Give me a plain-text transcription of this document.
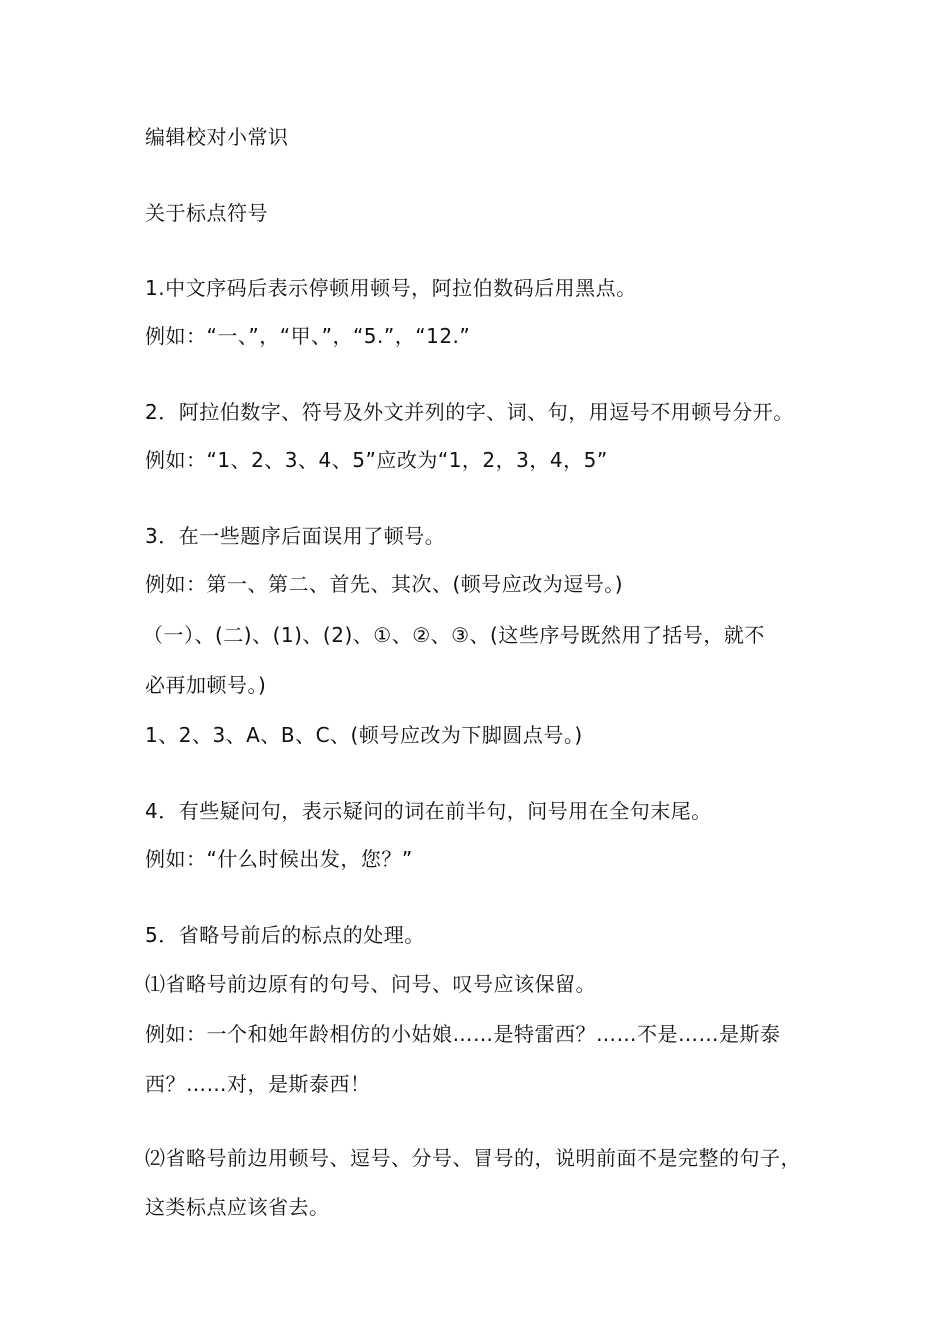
编辑校对小常识
关于标点符号
1.中文序码后表示停顿用顿号，阿拉伯数码后用黑点。
例如：“一、”，“甲、”，“5.”，“12.”
2．阿拉伯数字、符号及外文并列的字、词、句，用逗号不用顿号分开。
例如：“1、2、3、4、5”应改为“1，2，3，4，5”
3．在一些题序后面误用了顿号。
例如：第一、第二、首先、其次、(顿号应改为逗号。)
（一）、(二)、(1)、(2)、①、②、③、(这些序号既然用了括号，就不
必再加顿号。)
1、2、3、A、B、C、(顿号应改为下脚圆点号。)
4．有些疑问句，表示疑问的词在前半句，问号用在全句末尾。
例如：“什么时候出发，您？”
5．省略号前后的标点的处理。
⑴省略号前边原有的句号、问号、叹号应该保留。
例如：一个和她年龄相仿的小姑娘……是特雷西？……不是……是斯泰
西？……对，是斯泰西！
⑵省略号前边用顿号、逗号、分号、冒号的，说明前面不是完整的句子，
这类标点应该省去。
